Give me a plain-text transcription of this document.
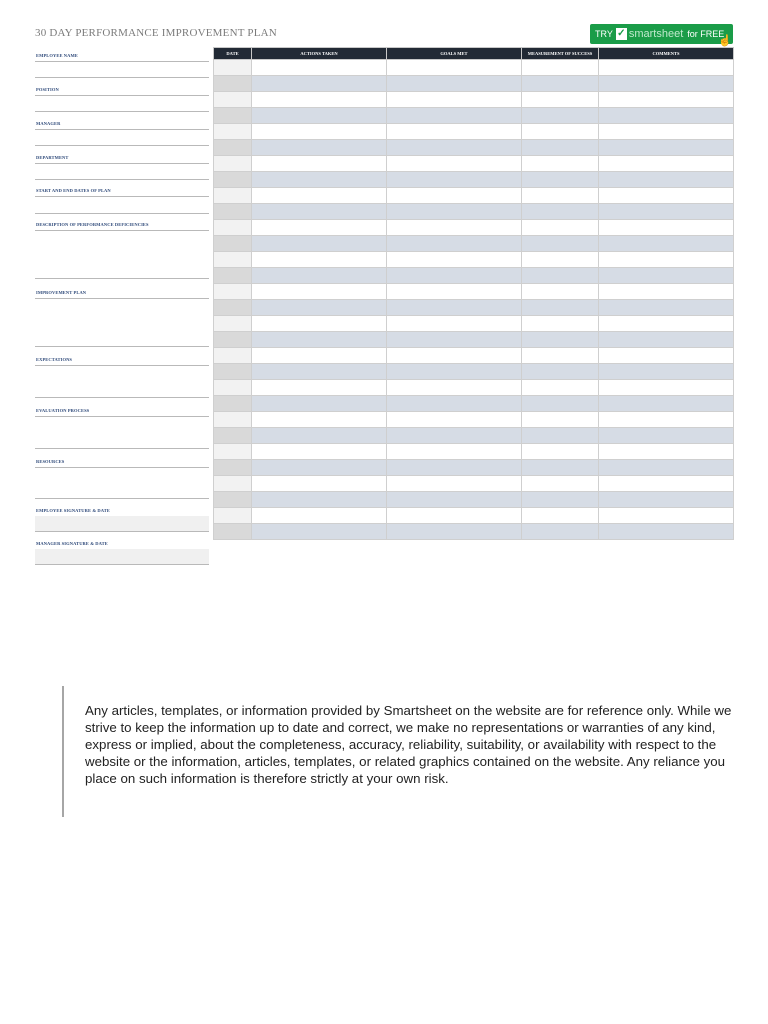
30 DAY PERFORMANCE IMPROVEMENT PLAN	TRY ✓ smartsheet for FREE
☝
EMPLOYEE NAME
POSITION
MANAGER
DEPARTMENT
START AND END DATES OF PLAN
DESCRIPTION OF PERFORMANCE DEFICIENCIES
IMPROVEMENT PLAN
EXPECTATIONS
EVALUATION PROCESS
RESOURCES
EMPLOYEE SIGNATURE & DATE
MANAGER SIGNATURE & DATE
DATE	ACTIONS TAKEN	GOALS MET	MEASUREMENT OF SUCCESS	COMMENTS

Any articles, templates, or information provided by Smartsheet on the website are for reference only. While we strive to keep the information up to date and correct, we make no representations or warranties of any kind, express or implied, about the completeness, accuracy, reliability, suitability, or availability with respect to the website or the information, articles, templates, or related graphics contained on the website. Any reliance you place on such information is therefore strictly at your own risk.
